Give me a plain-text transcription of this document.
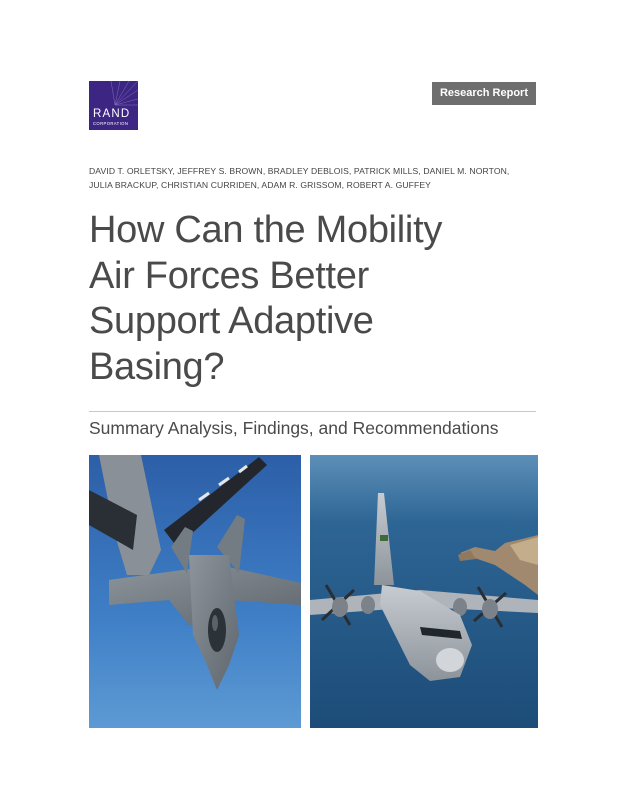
RAND
CORPORATION
Research Report
DAVID T. ORLETSKY, JEFFREY S. BROWN, BRADLEY DEBLOIS, PATRICK MILLS, DANIEL M. NORTON,
JULIA BRACKUP, CHRISTIAN CURRIDEN, ADAM R. GRISSOM, ROBERT A. GUFFEY
How Can the Mobility
Air Forces Better
Support Adaptive
Basing?
Summary Analysis, Findings, and Recommendations
